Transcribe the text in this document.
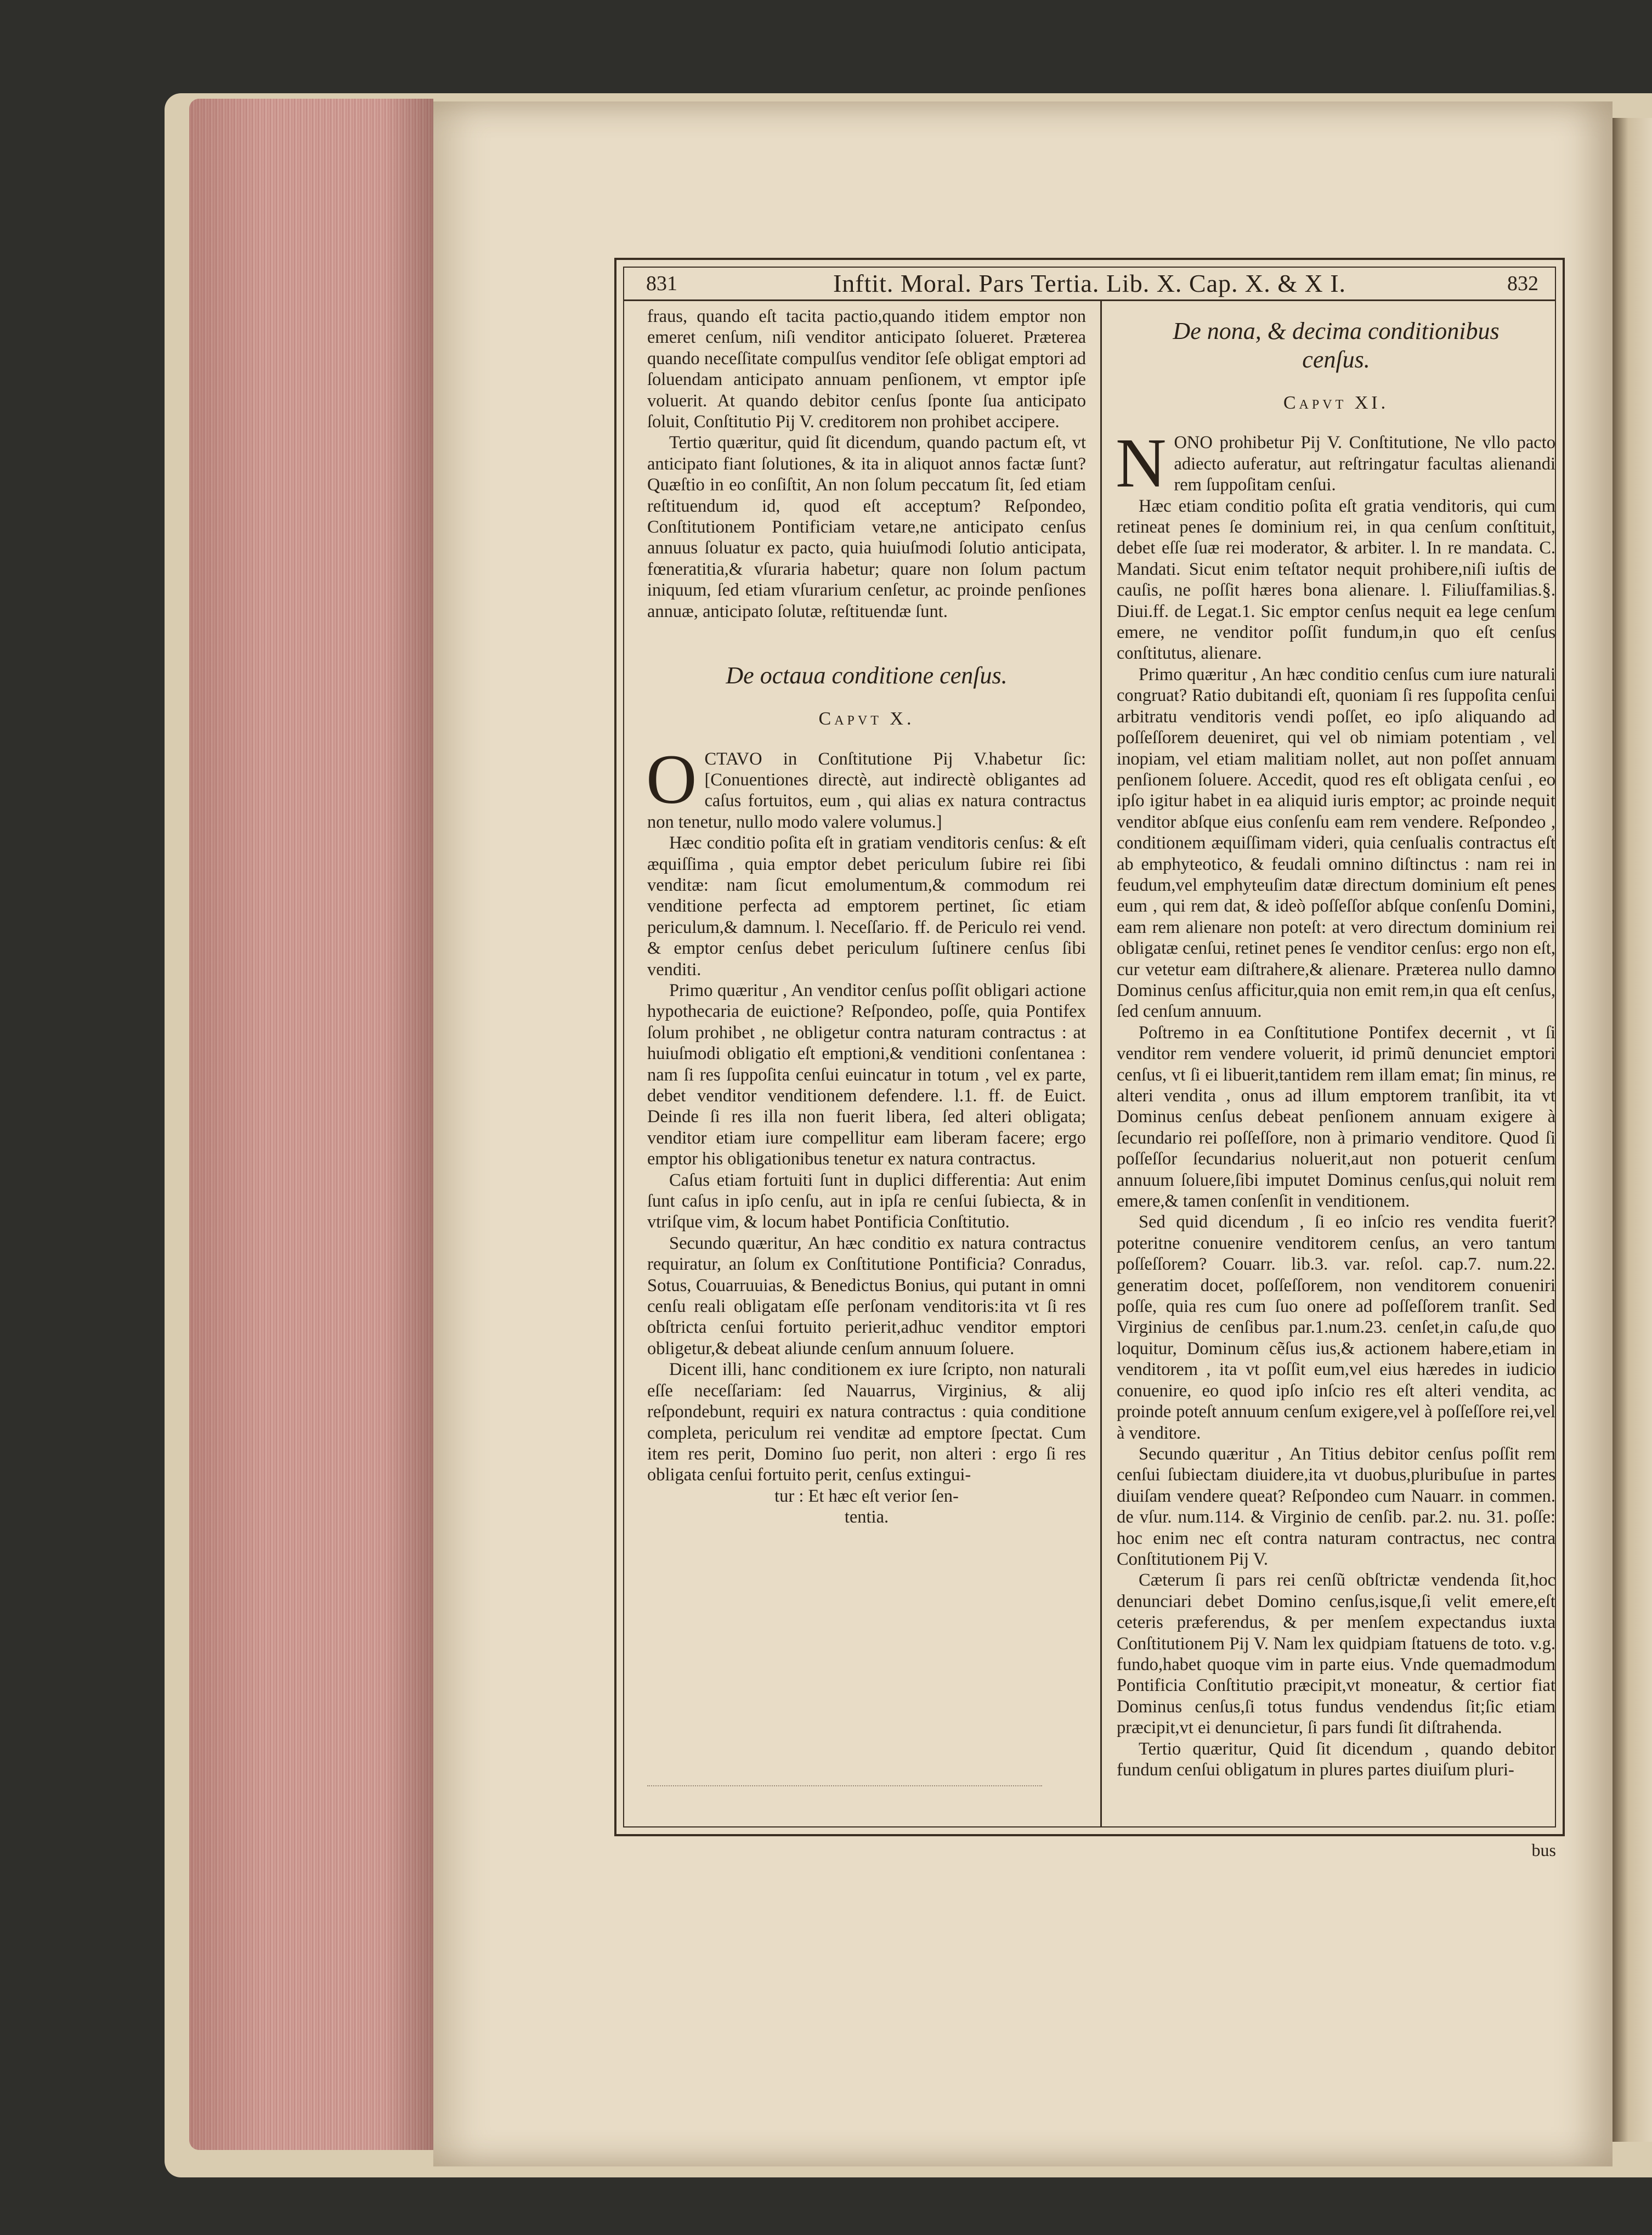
831	Inftit. Moral. Pars Tertia. Lib. X. Cap. X. & X I.	832

fraus, quando eſt tacita pactio,quando itidem emptor non emeret cenſum, niſi venditor anticipato ſolueret. Præterea quando neceſſitate compulſus venditor ſeſe obligat emptori ad ſoluendam anticipato annuam penſionem, vt emptor ipſe voluerit. At quando debitor cenſus ſponte ſua anticipato ſoluit, Conſtitutio Pij V. creditorem non prohibet accipere.

Tertio quæritur, quid ſit dicendum, quando pactum eſt, vt anticipato fiant ſolutiones, & ita in aliquot annos factæ ſunt? Quæſtio in eo conſiſtit, An non ſolum peccatum ſit, ſed etiam reſtituendum id, quod eſt acceptum? Reſpondeo, Conſtitutionem Pontificiam vetare,ne anticipato cenſus annuus ſoluatur ex pacto, quia huiuſmodi ſolutio anticipata, fœneratitia,& vſuraria habetur; quare non ſolum pactum iniquum, ſed etiam vſurarium cenſetur, ac proinde penſiones annuæ, anticipato ſolutæ, reſtituendæ ſunt.

De octaua conditione cenſus.
Capvt X.
O CTAVO in Conſtitutione Pij V.habetur ſic:[Conuentiones directè, aut indirectè obligantes ad caſus fortuitos, eum , qui alias ex natura contractus non tenetur, nullo modo valere volumus.]

Hæc conditio poſita eſt in gratiam venditoris cenſus: & eſt æquiſſima , quia emptor debet periculum ſubire rei ſibi venditæ: nam ſicut emolumentum,& commodum rei venditione perfecta ad emptorem pertinet, ſic etiam periculum,& damnum. l. Neceſſario. ff. de Periculo rei vend. & emptor cenſus debet periculum ſuſtinere cenſus ſibi venditi.

Primo quæritur , An venditor cenſus poſſit obligari actione hypothecaria de euictione? Reſpondeo, poſſe, quia Pontifex ſolum prohibet , ne obligetur contra naturam contractus : at huiuſmodi obligatio eſt emptioni,& venditioni conſentanea : nam ſi res ſuppoſita cenſui euincatur in totum , vel ex parte, debet venditor venditionem defendere. l.1. ff. de Euict. Deinde ſi res illa non fuerit libera, ſed alteri obligata; venditor etiam iure compellitur eam liberam facere; ergo emptor his obligationibus tenetur ex natura contractus.

Caſus etiam fortuiti ſunt in duplici differentia: Aut enim ſunt caſus in ipſo cenſu, aut in ipſa re cenſui ſubiecta, & in vtriſque vim, & locum habet Pontificia Conſtitutio.

Secundo quæritur, An hæc conditio ex natura contractus requiratur, an ſolum ex Conſtitutione Pontificia? Conradus, Sotus, Couarruuias, & Benedictus Bonius, qui putant in omni cenſu reali obligatam eſſe perſonam venditoris:ita vt ſi res obſtricta cenſui fortuito perierit,adhuc venditor emptori obligetur,& debeat aliunde cenſum annuum ſoluere.

Dicent illi, hanc conditionem ex iure ſcripto, non naturali eſſe neceſſariam: ſed Nauarrus, Virginius, & alij reſpondebunt, requiri ex natura contractus : quia conditione completa, periculum rei venditæ ad emptore ſpectat. Cum item res perit, Domino ſuo perit, non alteri : ergo ſi res obligata cenſui fortuito perit, cenſus extingui-

tur : Et hæc eſt verior ſen-

tentia.

De nona, & decima conditionibus
cenſus.
Capvt XI.
N ONO prohibetur Pij V. Conſtitutione, Ne vllo pacto adiecto auferatur, aut reſtringatur facultas alienandi rem ſuppoſitam cenſui.

Hæc etiam conditio poſita eſt gratia venditoris, qui cum retineat penes ſe dominium rei, in qua cenſum conſtituit, debet eſſe ſuæ rei moderator, & arbiter. l. In re mandata. C. Mandati. Sicut enim teſtator nequit prohibere,niſi iuſtis de cauſis, ne poſſit hæres bona alienare. l. Filiuſfamilias.§. Diui.ff. de Legat.1. Sic emptor cenſus nequit ea lege cenſum emere, ne venditor poſſit fundum,in quo eſt cenſus conſtitutus, alienare.

Primo quæritur , An hæc conditio cenſus cum iure naturali congruat? Ratio dubitandi eſt, quoniam ſi res ſuppoſita cenſui arbitratu venditoris vendi poſſet, eo ipſo aliquando ad poſſeſſorem deueniret, qui vel ob nimiam potentiam , vel inopiam, vel etiam malitiam nollet, aut non poſſet annuam penſionem ſoluere. Accedit, quod res eſt obligata cenſui , eo ipſo igitur habet in ea aliquid iuris emptor; ac proinde nequit venditor abſque eius conſenſu eam rem vendere. Reſpondeo , conditionem æquiſſimam videri, quia cenſualis contractus eſt ab emphyteotico, & feudali omnino diſtinctus : nam rei in feudum,vel emphyteuſim datæ directum dominium eſt penes eum , qui rem dat, & ideò poſſeſſor abſque conſenſu Domini, eam rem alienare non poteſt: at vero directum dominium rei obligatæ cenſui, retinet penes ſe venditor cenſus: ergo non eſt, cur vetetur eam diſtrahere,& alienare. Præterea nullo damno Dominus cenſus afficitur,quia non emit rem,in qua eſt cenſus, ſed cenſum annuum.

Poſtremo in ea Conſtitutione Pontifex decernit , vt ſi venditor rem vendere voluerit, id primũ denunciet emptori cenſus, vt ſi ei libuerit,tantidem rem illam emat; ſin minus, re alteri vendita , onus ad illum emptorem tranſibit, ita vt Dominus cenſus debeat penſionem annuam exigere à ſecundario rei poſſeſſore, non à primario venditore. Quod ſi poſſeſſor ſecundarius noluerit,aut non potuerit cenſum annuum ſoluere,ſibi imputet Dominus cenſus,qui noluit rem emere,& tamen conſenſit in venditionem.

Sed quid dicendum , ſi eo inſcio res vendita fuerit? poteritne conuenire venditorem cenſus, an vero tantum poſſeſſorem? Couarr. lib.3. var. reſol. cap.7. num.22. generatim docet, poſſeſſorem, non venditorem conueniri poſſe, quia res cum ſuo onere ad poſſeſſorem tranſit. Sed Virginius de cenſibus par.1.num.23. cenſet,in caſu,de quo loquitur, Dominum cẽſus ius,& actionem habere,etiam in venditorem , ita vt poſſit eum,vel eius hæredes in iudicio conuenire, eo quod ipſo inſcio res eſt alteri vendita, ac proinde poteſt annuum cenſum exigere,vel à poſſeſſore rei,vel à venditore.

Secundo quæritur , An Titius debitor cenſus poſſit rem cenſui ſubiectam diuidere,ita vt duobus,pluribuſue in partes diuiſam vendere queat? Reſpondeo cum Nauarr. in commen. de vſur. num.114. & Virginio de cenſib. par.2. nu. 31. poſſe: hoc enim nec eſt contra naturam contractus, nec contra Conſtitutionem Pij V.

Cæterum ſi pars rei cenſũ obſtrictæ vendenda ſit,hoc denunciari debet Domino cenſus,isque,ſi velit emere,eſt ceteris præferendus, & per menſem expectandus iuxta Conſtitutionem Pij V. Nam lex quidpiam ſtatuens de toto. v.g. fundo,habet quoque vim in parte eius. Vnde quemadmodum Pontificia Conſtitutio præcipit,vt moneatur, & certior fiat Dominus cenſus,ſi totus fundus vendendus ſit;ſic etiam præcipit,vt ei denuncietur, ſi pars fundi ſit diſtrahenda.

Tertio quæritur, Quid ſit dicendum , quando debitor fundum cenſui obligatum in plures partes diuiſum pluri-

bus
